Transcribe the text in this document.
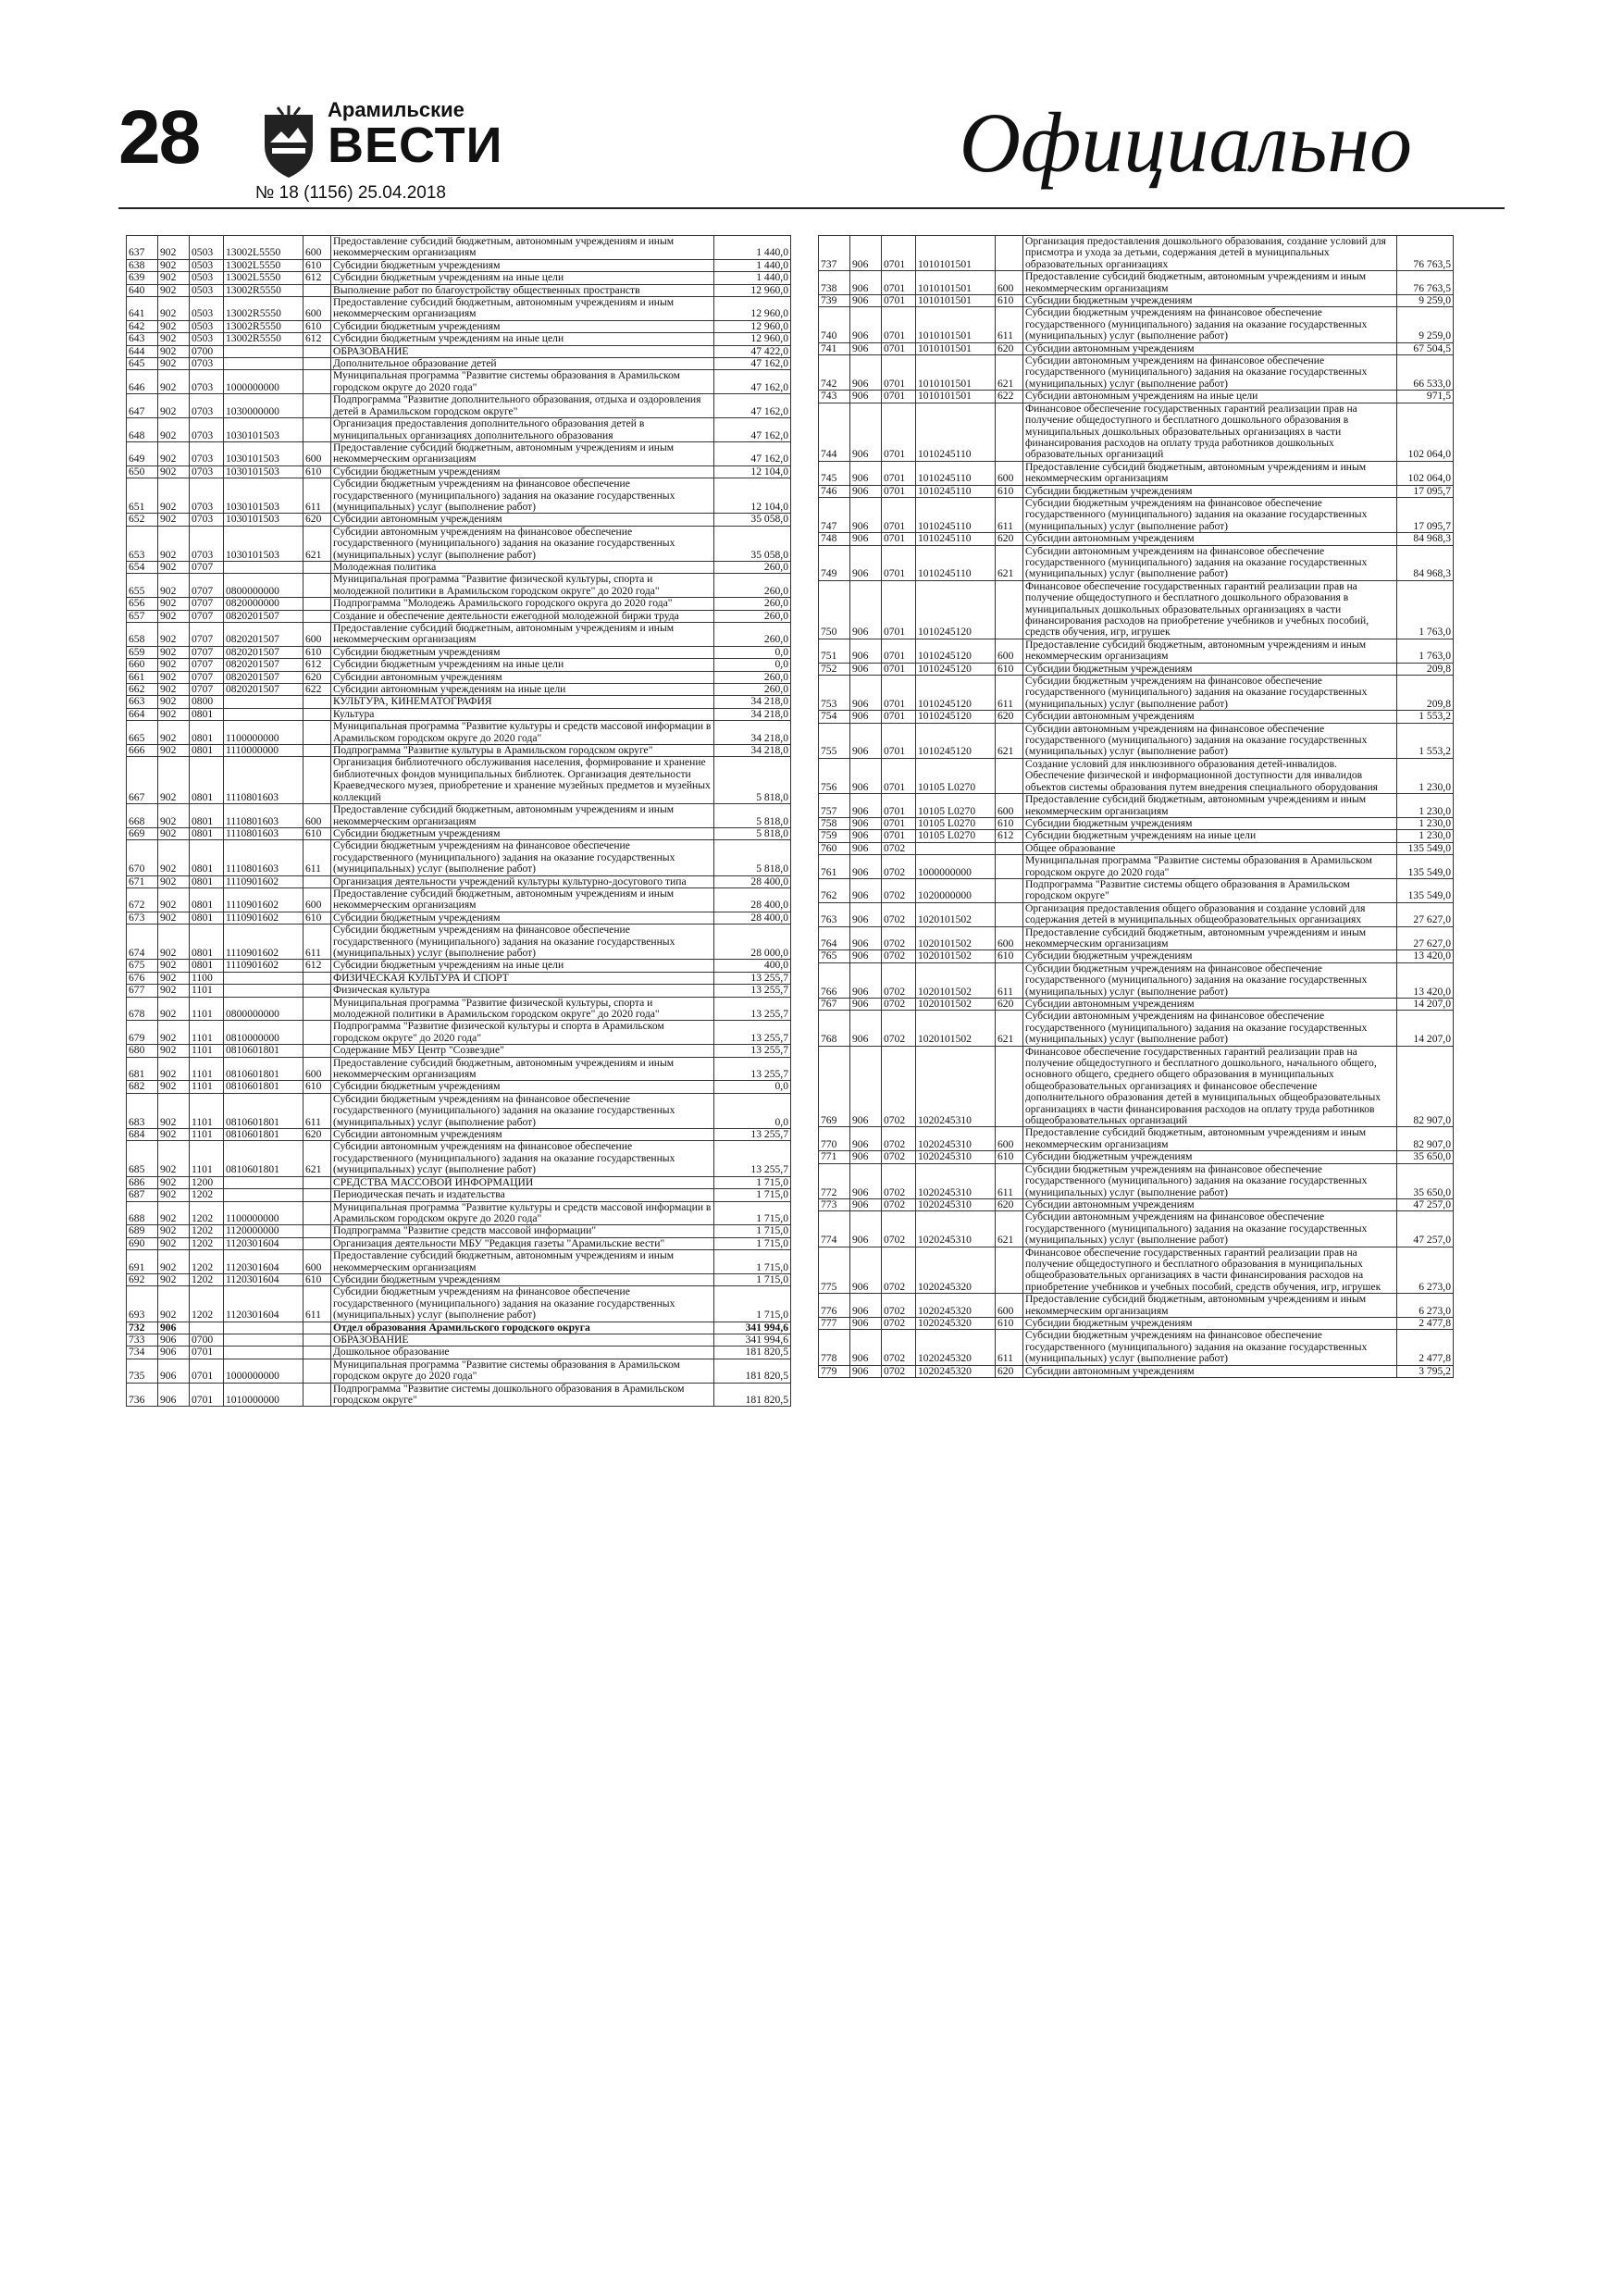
28	Арамильские
ВЕСТИ
№ 18 (1156) 25.04.2018
Официально
637	902	0503	13002L5550	600	Предоставление субсидий бюджетным, автономным учреждениям и иным некоммерческим организациям	1 440,0
638	902	0503	13002L5550	610	Субсидии бюджетным учреждениям	1 440,0
639	902	0503	13002L5550	612	Субсидии бюджетным учреждениям на иные цели	1 440,0
640	902	0503	13002R5550		Выполнение работ по благоустройству общественных пространств	12 960,0
641	902	0503	13002R5550	600	Предоставление субсидий бюджетным, автономным учреждениям и иным некоммерческим организациям	12 960,0
642	902	0503	13002R5550	610	Субсидии бюджетным учреждениям	12 960,0
643	902	0503	13002R5550	612	Субсидии бюджетным учреждениям на иные цели	12 960,0
644	902	0700			ОБРАЗОВАНИЕ	47 422,0
645	902	0703			Дополнительное образование детей	47 162,0
646	902	0703	1000000000		Муниципальная программа "Развитие системы образования в Арамильском городском округе до 2020 года"	47 162,0
647	902	0703	1030000000		Подпрограмма "Развитие дополнительного образования, отдыха и оздоровления детей в Арамильском городском округе"	47 162,0
648	902	0703	1030101503		Организация предоставления дополнительного образования детей в муниципальных организациях дополнительного образования	47 162,0
649	902	0703	1030101503	600	Предоставление субсидий бюджетным, автономным учреждениям и иным некоммерческим организациям	47 162,0
650	902	0703	1030101503	610	Субсидии бюджетным учреждениям	12 104,0
651	902	0703	1030101503	611	Субсидии бюджетным учреждениям на финансовое обеспечение государственного (муниципального) задания на оказание государственных (муниципальных) услуг (выполнение работ)	12 104,0
652	902	0703	1030101503	620	Субсидии автономным учреждениям	35 058,0
653	902	0703	1030101503	621	Субсидии автономным учреждениям на финансовое обеспечение государственного (муниципального) задания на оказание государственных (муниципальных) услуг (выполнение работ)	35 058,0
654	902	0707			Молодежная политика	260,0
655	902	0707	0800000000		Муниципальная программа "Развитие физической культуры, спорта и молодежной политики в Арамильском городском округе" до 2020 года"	260,0
656	902	0707	0820000000		Подпрограмма "Молодежь Арамильского городского округа до 2020 года"	260,0
657	902	0707	0820201507		Создание и обеспечение деятельности ежегодной молодежной биржи труда	260,0
658	902	0707	0820201507	600	Предоставление субсидий бюджетным, автономным учреждениям и иным некоммерческим организациям	260,0
659	902	0707	0820201507	610	Субсидии бюджетным учреждениям	0,0
660	902	0707	0820201507	612	Субсидии бюджетным учреждениям на иные цели	0,0
661	902	0707	0820201507	620	Субсидии автономным учреждениям	260,0
662	902	0707	0820201507	622	Субсидии автономным учреждениям на иные цели	260,0
663	902	0800			КУЛЬТУРА, КИНЕМАТОГРАФИЯ	34 218,0
664	902	0801			Культура	34 218,0
665	902	0801	1100000000		Муниципальная программа "Развитие культуры и средств массовой информации в Арамильском городском округе до 2020 года"	34 218,0
666	902	0801	1110000000		Подпрограмма "Развитие культуры в Арамильском городском округе"	34 218,0
667	902	0801	1110801603		Организация библиотечного обслуживания населения, формирование и хранение библиотечных фондов муниципальных библиотек. Организация деятельности Краеведческого музея, приобретение и хранение музейных предметов и музейных коллекций	5 818,0
668	902	0801	1110801603	600	Предоставление субсидий бюджетным, автономным учреждениям и иным некоммерческим организациям	5 818,0
669	902	0801	1110801603	610	Субсидии бюджетным учреждениям	5 818,0
670	902	0801	1110801603	611	Субсидии бюджетным учреждениям на финансовое обеспечение государственного (муниципального) задания на оказание государственных (муниципальных) услуг (выполнение работ)	5 818,0
671	902	0801	1110901602		Организация деятельности учреждений культуры культурно-досугового типа	28 400,0
672	902	0801	1110901602	600	Предоставление субсидий бюджетным, автономным учреждениям и иным некоммерческим организациям	28 400,0
673	902	0801	1110901602	610	Субсидии бюджетным учреждениям	28 400,0
674	902	0801	1110901602	611	Субсидии бюджетным учреждениям на финансовое обеспечение государственного (муниципального) задания на оказание государственных (муниципальных) услуг (выполнение работ)	28 000,0
675	902	0801	1110901602	612	Субсидии бюджетным учреждениям на иные цели	400,0
676	902	1100			ФИЗИЧЕСКАЯ КУЛЬТУРА И СПОРТ	13 255,7
677	902	1101			Физическая культура	13 255,7
678	902	1101	0800000000		Муниципальная программа "Развитие физической культуры, спорта и молодежной политики в Арамильском городском округе" до 2020 года"	13 255,7
679	902	1101	0810000000		Подпрограмма "Развитие физической культуры и спорта в Арамильском городском округе" до 2020 года"	13 255,7
680	902	1101	0810601801		Содержание МБУ Центр "Созвездие"	13 255,7
681	902	1101	0810601801	600	Предоставление субсидий бюджетным, автономным учреждениям и иным некоммерческим организациям	13 255,7
682	902	1101	0810601801	610	Субсидии бюджетным учреждениям	0,0
683	902	1101	0810601801	611	Субсидии бюджетным учреждениям на финансовое обеспечение государственного (муниципального) задания на оказание государственных (муниципальных) услуг (выполнение работ)	0,0
684	902	1101	0810601801	620	Субсидии автономным учреждениям	13 255,7
685	902	1101	0810601801	621	Субсидии автономным учреждениям на финансовое обеспечение государственного (муниципального) задания на оказание государственных (муниципальных) услуг (выполнение работ)	13 255,7
686	902	1200			СРЕДСТВА МАССОВОЙ ИНФОРМАЦИИ	1 715,0
687	902	1202			Периодическая печать и издательства	1 715,0
688	902	1202	1100000000		Муниципальная программа "Развитие культуры и средств массовой информации в Арамильском городском округе до 2020 года"	1 715,0
689	902	1202	1120000000		Подпрограмма "Развитие средств массовой информации"	1 715,0
690	902	1202	1120301604		Организация деятельности МБУ "Редакция газеты "Арамильские вести"	1 715,0
691	902	1202	1120301604	600	Предоставление субсидий бюджетным, автономным учреждениям и иным некоммерческим организациям	1 715,0
692	902	1202	1120301604	610	Субсидии бюджетным учреждениям	1 715,0
693	902	1202	1120301604	611	Субсидии бюджетным учреждениям на финансовое обеспечение государственного (муниципального) задания на оказание государственных (муниципальных) услуг (выполнение работ)	1 715,0
732	906				Отдел образования Арамильского городского округа	341 994,6
733	906	0700			ОБРАЗОВАНИЕ	341 994,6
734	906	0701			Дошкольное образование	181 820,5
735	906	0701	1000000000		Муниципальная программа "Развитие системы образования в Арамильском городском округе до 2020 года"	181 820,5
736	906	0701	1010000000		Подпрограмма "Развитие системы дошкольного образования в Арамильском городском округе"	181 820,5
737	906	0701	1010101501		Организация предоставления дошкольного образования, создание условий для присмотра и ухода за детьми, содержания детей в муниципальных образовательных организациях	76 763,5
738	906	0701	1010101501	600	Предоставление субсидий бюджетным, автономным учреждениям и иным некоммерческим организациям	76 763,5
739	906	0701	1010101501	610	Субсидии бюджетным учреждениям	9 259,0
740	906	0701	1010101501	611	Субсидии бюджетным учреждениям на финансовое обеспечение государственного (муниципального) задания на оказание государственных (муниципальных) услуг (выполнение работ)	9 259,0
741	906	0701	1010101501	620	Субсидии автономным учреждениям	67 504,5
742	906	0701	1010101501	621	Субсидии автономным учреждениям на финансовое обеспечение государственного (муниципального) задания на оказание государственных (муниципальных) услуг (выполнение работ)	66 533,0
743	906	0701	1010101501	622	Субсидии автономным учреждениям на иные цели	971,5
744	906	0701	1010245110		Финансовое обеспечение государственных гарантий реализации прав на получение общедоступного и бесплатного дошкольного образования в муниципальных дошкольных образовательных организациях в части финансирования расходов на оплату труда работников дошкольных образовательных организаций	102 064,0
745	906	0701	1010245110	600	Предоставление субсидий бюджетным, автономным учреждениям и иным некоммерческим организациям	102 064,0
746	906	0701	1010245110	610	Субсидии бюджетным учреждениям	17 095,7
747	906	0701	1010245110	611	Субсидии бюджетным учреждениям на финансовое обеспечение государственного (муниципального) задания на оказание государственных (муниципальных) услуг (выполнение работ)	17 095,7
748	906	0701	1010245110	620	Субсидии автономным учреждениям	84 968,3
749	906	0701	1010245110	621	Субсидии автономным учреждениям на финансовое обеспечение государственного (муниципального) задания на оказание государственных (муниципальных) услуг (выполнение работ)	84 968,3
750	906	0701	1010245120		Финансовое обеспечение государственных гарантий реализации прав на получение общедоступного и бесплатного дошкольного образования в муниципальных дошкольных образовательных организациях в части финансирования расходов на приобретение учебников и учебных пособий, средств обучения, игр, игрушек	1 763,0
751	906	0701	1010245120	600	Предоставление субсидий бюджетным, автономным учреждениям и иным некоммерческим организациям	1 763,0
752	906	0701	1010245120	610	Субсидии бюджетным учреждениям	209,8
753	906	0701	1010245120	611	Субсидии бюджетным учреждениям на финансовое обеспечение государственного (муниципального) задания на оказание государственных (муниципальных) услуг (выполнение работ)	209,8
754	906	0701	1010245120	620	Субсидии автономным учреждениям	1 553,2
755	906	0701	1010245120	621	Субсидии автономным учреждениям на финансовое обеспечение государственного (муниципального) задания на оказание государственных (муниципальных) услуг (выполнение работ)	1 553,2
756	906	0701	10105 L0270		Создание условий для инклюзивного образования детей-инвалидов. Обеспечение физической и информационной доступности для инвалидов объектов системы образования путем внедрения специального оборудования	1 230,0
757	906	0701	10105 L0270	600	Предоставление субсидий бюджетным, автономным учреждениям и иным некоммерческим организациям	1 230,0
758	906	0701	10105 L0270	610	Субсидии бюджетным учреждениям	1 230,0
759	906	0701	10105 L0270	612	Субсидии бюджетным учреждениям на иные цели	1 230,0
760	906	0702			Общее образование	135 549,0
761	906	0702	1000000000		Муниципальная программа "Развитие системы образования в Арамильском городском округе до 2020 года"	135 549,0
762	906	0702	1020000000		Подпрограмма "Развитие системы общего образования в Арамильском городском округе"	135 549,0
763	906	0702	1020101502		Организация предоставления общего образования и создание условий для содержания детей в муниципальных общеобразовательных организациях	27 627,0
764	906	0702	1020101502	600	Предоставление субсидий бюджетным, автономным учреждениям и иным некоммерческим организациям	27 627,0
765	906	0702	1020101502	610	Субсидии бюджетным учреждениям	13 420,0
766	906	0702	1020101502	611	Субсидии бюджетным учреждениям на финансовое обеспечение государственного (муниципального) задания на оказание государственных (муниципальных) услуг (выполнение работ)	13 420,0
767	906	0702	1020101502	620	Субсидии автономным учреждениям	14 207,0
768	906	0702	1020101502	621	Субсидии автономным учреждениям на финансовое обеспечение государственного (муниципального) задания на оказание государственных (муниципальных) услуг (выполнение работ)	14 207,0
769	906	0702	1020245310		Финансовое обеспечение государственных гарантий реализации прав на получение общедоступного и бесплатного дошкольного, начального общего, основного общего, среднего общего образования в муниципальных общеобразовательных организациях и финансовое обеспечение дополнительного образования детей в муниципальных общеобразовательных организациях в части финансирования расходов на оплату труда работников общеобразовательных организаций	82 907,0
770	906	0702	1020245310	600	Предоставление субсидий бюджетным, автономным учреждениям и иным некоммерческим организациям	82 907,0
771	906	0702	1020245310	610	Субсидии бюджетным учреждениям	35 650,0
772	906	0702	1020245310	611	Субсидии бюджетным учреждениям на финансовое обеспечение государственного (муниципального) задания на оказание государственных (муниципальных) услуг (выполнение работ)	35 650,0
773	906	0702	1020245310	620	Субсидии автономным учреждениям	47 257,0
774	906	0702	1020245310	621	Субсидии автономным учреждениям на финансовое обеспечение государственного (муниципального) задания на оказание государственных (муниципальных) услуг (выполнение работ)	47 257,0
775	906	0702	1020245320		Финансовое обеспечение государственных гарантий реализации прав на получение общедоступного и бесплатного образования в муниципальных общеобразовательных организациях в части финансирования расходов на приобретение учебников и учебных пособий, средств обучения, игр, игрушек	6 273,0
776	906	0702	1020245320	600	Предоставление субсидий бюджетным, автономным учреждениям и иным некоммерческим организациям	6 273,0
777	906	0702	1020245320	610	Субсидии бюджетным учреждениям	2 477,8
778	906	0702	1020245320	611	Субсидии бюджетным учреждениям на финансовое обеспечение государственного (муниципального) задания на оказание государственных (муниципальных) услуг (выполнение работ)	2 477,8
779	906	0702	1020245320	620	Субсидии автономным учреждениям	3 795,2
